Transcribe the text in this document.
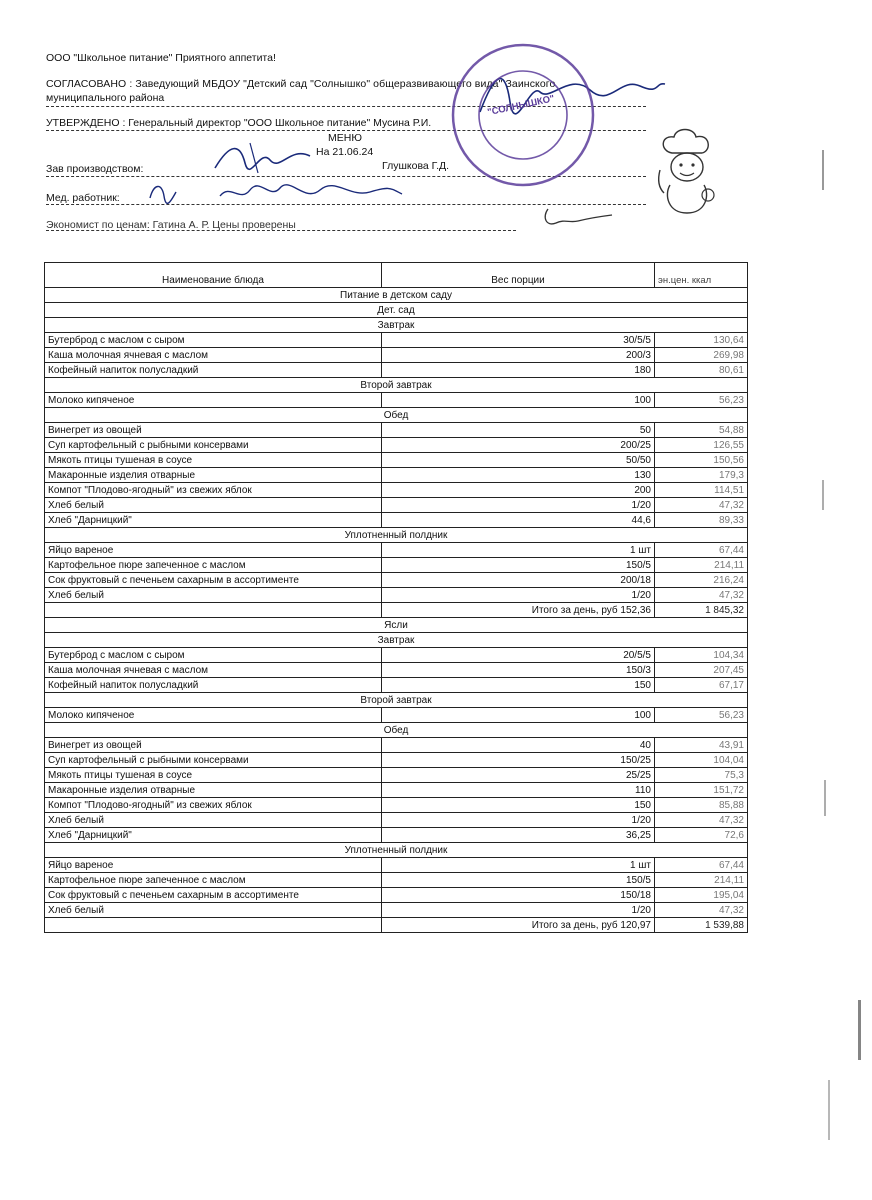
ООО "Школьное питание" Приятного аппетита!
СОГЛАСОВАНО : Заведующий МБДОУ "Детский сад "Солнышко" общеразвивающего вида" Заинского
муниципального района
УТВЕРЖДЕНО : Генеральный директор "ООО Школьное питание" Мусина Р.И.
МЕНЮ
На 21.06.24
Зав производством:	Глушкова Г.Д.
Мед. работник:
Экономист по ценам: Гатина А. Р. Цены проверены
"СОЛНЫШКО"
Наименование блюда	Вес порции	эн.цен. ккал
Питание в детском саду		
Дет. сад		
Завтрак		
Бутерброд с маслом с сыром	30/5/5	130,64
Каша молочная ячневая с маслом	200/3	269,98
Кофейный напиток полусладкий	180	80,61
Второй завтрак		
Молоко кипяченое	100	56,23
Обед		
Винегрет из овощей	50	54,88
Суп картофельный с рыбными консервами	200/25	126,55
Мякоть птицы тушеная в соусе	50/50	150,56
Макаронные изделия отварные	130	179,3
Компот "Плодово-ягодный" из свежих яблок	200	114,51
Хлеб белый	1/20	47,32
Хлеб "Дарницкий"	44,6	89,33
Уплотненный полдник		
Яйцо вареное	1 шт	67,44
Картофельное пюре запеченное с маслом	150/5	214,11
Сок фруктовый с печеньем сахарным в ассортименте	200/18	216,24
Хлеб белый	1/20	47,32
	Итого за день, руб 152,36	1 845,32
Ясли		
Завтрак		
Бутерброд с маслом с сыром	20/5/5	104,34
Каша молочная ячневая с маслом	150/3	207,45
Кофейный напиток полусладкий	150	67,17
Второй завтрак		
Молоко кипяченое	100	56,23
Обед		
Винегрет из овощей	40	43,91
Суп картофельный с рыбными консервами	150/25	104,04
Мякоть птицы тушеная в соусе	25/25	75,3
Макаронные изделия отварные	110	151,72
Компот "Плодово-ягодный" из свежих яблок	150	85,88
Хлеб белый	1/20	47,32
Хлеб "Дарницкий"	36,25	72,6
Уплотненный полдник		
Яйцо вареное	1 шт	67,44
Картофельное пюре запеченное с маслом	150/5	214,11
Сок фруктовый с печеньем сахарным в ассортименте	150/18	195,04
Хлеб белый	1/20	47,32
	Итого за день, руб 120,97	1 539,88
